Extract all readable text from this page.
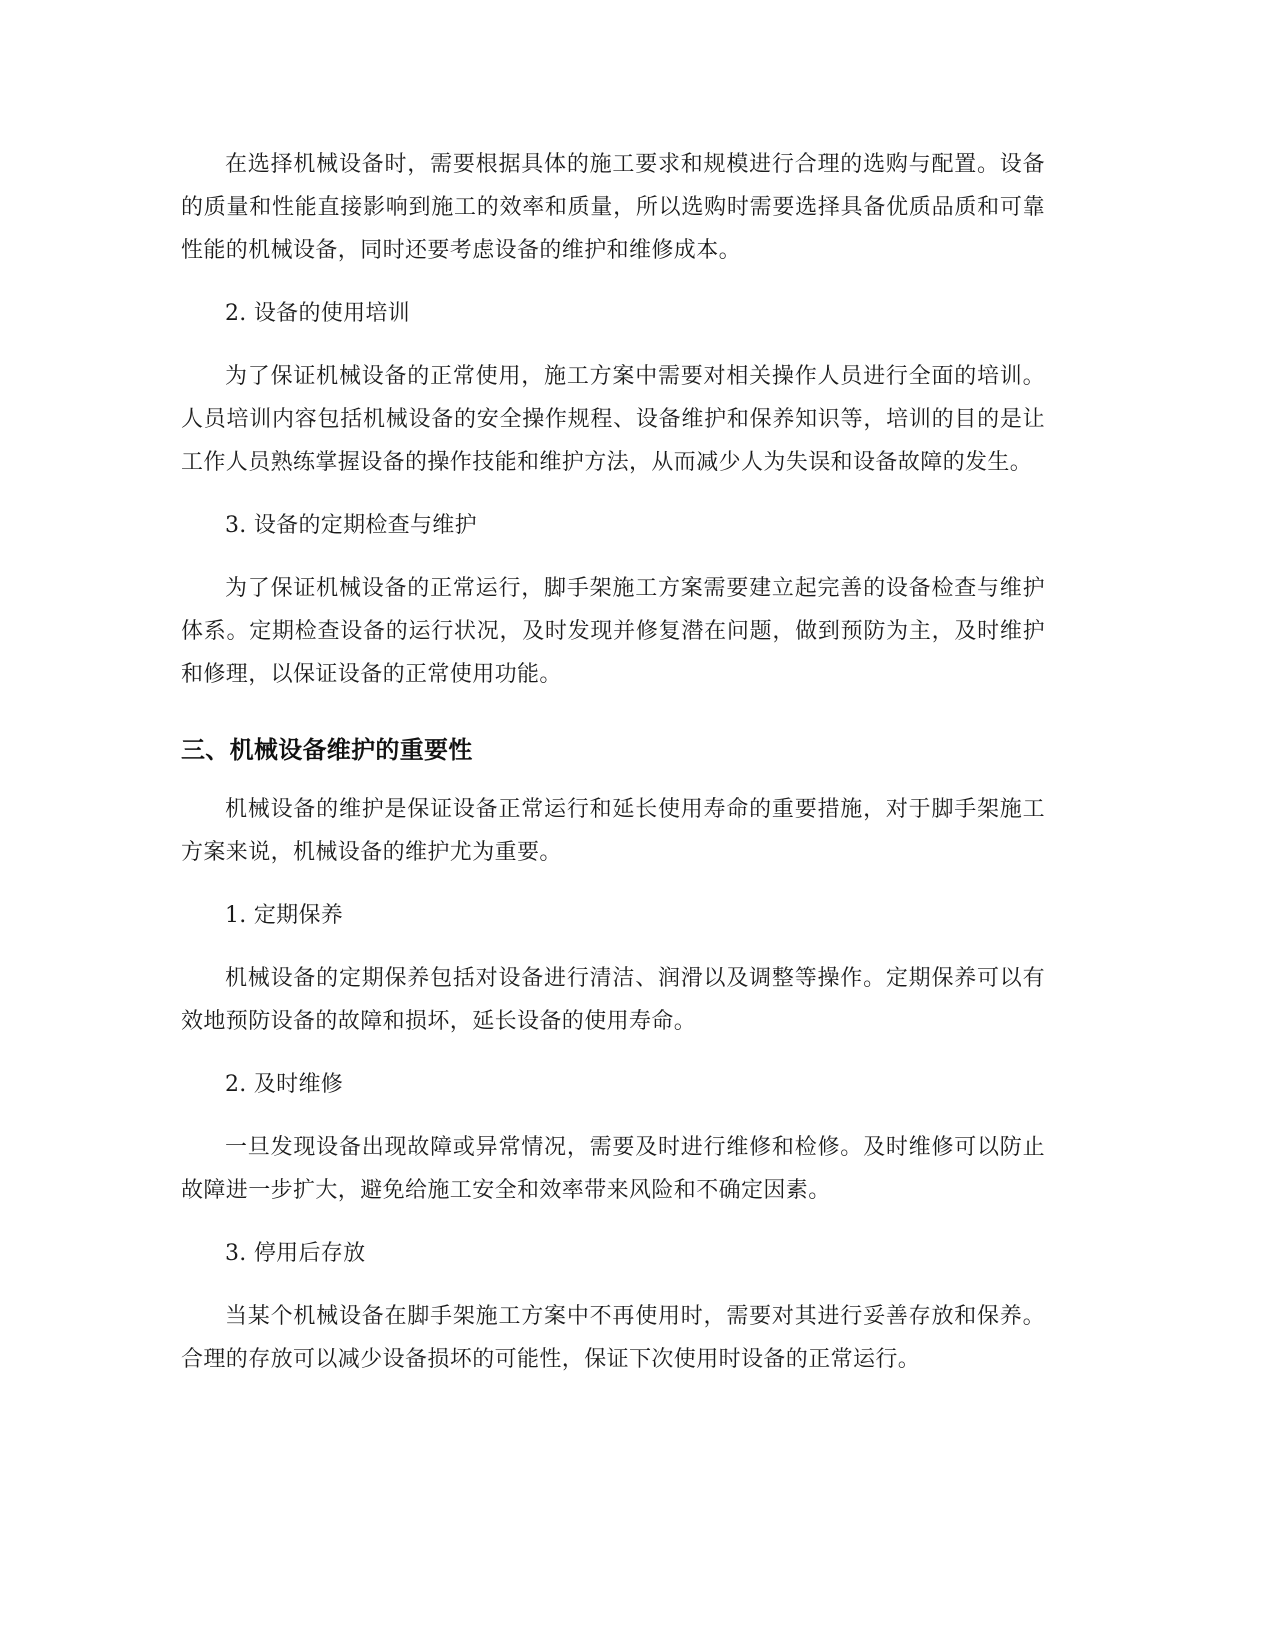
在选择机械设备时，需要根据具体的施工要求和规模进行合理的选购与配置。设备的质量和性能直接影响到施工的效率和质量，所以选购时需要选择具备优质品质和可靠性能的机械设备，同时还要考虑设备的维护和维修成本。

2. 设备的使用培训

为了保证机械设备的正常使用，施工方案中需要对相关操作人员进行全面的培训。人员培训内容包括机械设备的安全操作规程、设备维护和保养知识等，培训的目的是让工作人员熟练掌握设备的操作技能和维护方法，从而减少人为失误和设备故障的发生。

3. 设备的定期检查与维护

为了保证机械设备的正常运行，脚手架施工方案需要建立起完善的设备检查与维护体系。定期检查设备的运行状况，及时发现并修复潜在问题，做到预防为主，及时维护和修理，以保证设备的正常使用功能。

三、机械设备维护的重要性

机械设备的维护是保证设备正常运行和延长使用寿命的重要措施，对于脚手架施工方案来说，机械设备的维护尤为重要。

1. 定期保养

机械设备的定期保养包括对设备进行清洁、润滑以及调整等操作。定期保养可以有效地预防设备的故障和损坏，延长设备的使用寿命。

2. 及时维修

一旦发现设备出现故障或异常情况，需要及时进行维修和检修。及时维修可以防止故障进一步扩大，避免给施工安全和效率带来风险和不确定因素。

3. 停用后存放

当某个机械设备在脚手架施工方案中不再使用时，需要对其进行妥善存放和保养。合理的存放可以减少设备损坏的可能性，保证下次使用时设备的正常运行。
